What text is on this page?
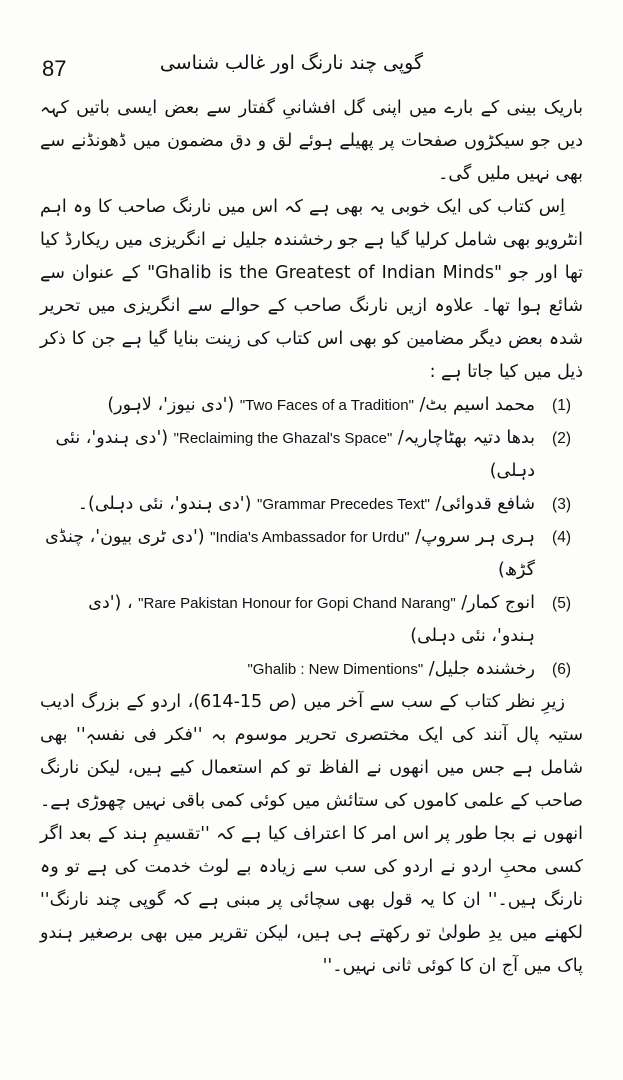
87	گوپی چند نارنگ اور غالب شناسی

باریک بینی کے بارے میں اپنی گل افشانیِ گفتار سے بعض ایسی باتیں کہہ دیں جو سیکڑوں صفحات پر پھیلے ہوئے لق و دق مضمون میں ڈھونڈنے سے بھی نہیں ملیں گی۔

اِس کتاب کی ایک خوبی یہ بھی ہے کہ اس میں نارنگ صاحب کا وہ اہم انٹرویو بھی شامل کرلیا گیا ہے جو رخشندہ جلیل نے انگریزی میں ریکارڈ کیا تھا اور جو "Ghalib is the Greatest of Indian Minds" کے عنوان سے شائع ہوا تھا۔ علاوہ ازیں نارنگ صاحب کے حوالے سے انگریزی میں تحریر شدہ بعض دیگر مضامین کو بھی اس کتاب کی زینت بنایا گیا ہے جن کا ذکر ذیل میں کیا جاتا ہے :

(1)
محمد اسیم بٹ/ "Two Faces of a Tradition" ('دی نیوز'، لاہور)
(2)
بدھا دتیہ بھٹاچاریہ/ "Reclaiming the Ghazal's Space" ('دی ہندو'، نئی دہلی)
(3)
شافع قدوائی/ "Grammar Precedes Text" ('دی ہندو'، نئی دہلی)۔
(4)
ہری ہر سروپ/ "India's Ambassador for Urdu" ('دی ٹری بیون'، چنڈی گڑھ)
(5)
انوج کمار/ "Rare Pakistan Honour for Gopi Chand Narang" ، ('دی ہندو'، نئی دہلی)
(6)
رخشندہ جلیل/ "Ghalib : New Dimentions"

زیرِ نظر کتاب کے سب سے آخر میں (ص 15-614)، اردو کے بزرگ ادیب ستیہ پال آنند کی ایک مختصری تحریر موسوم بہ ''فکر فی نفسہٖ'' بھی شامل ہے جس میں انھوں نے الفاظ تو کم استعمال کیے ہیں، لیکن نارنگ صاحب کے علمی کاموں کی ستائش میں کوئی کمی باقی نہیں چھوڑی ہے۔ انھوں نے بجا طور پر اس امر کا اعتراف کیا ہے کہ ''تقسیمِ ہند کے بعد اگر کسی محبِ اردو نے اردو کی سب سے زیادہ بے لوث خدمت کی ہے تو وہ نارنگ ہیں۔'' ان کا یہ قول بھی سچائی پر مبنی ہے کہ گوپی چند نارنگ'' لکھنے میں یدِ طولیٰ تو رکھتے ہی ہیں، لیکن تقریر میں بھی برصغیر ہندو پاک میں آج ان کا کوئی ثانی نہیں۔''
